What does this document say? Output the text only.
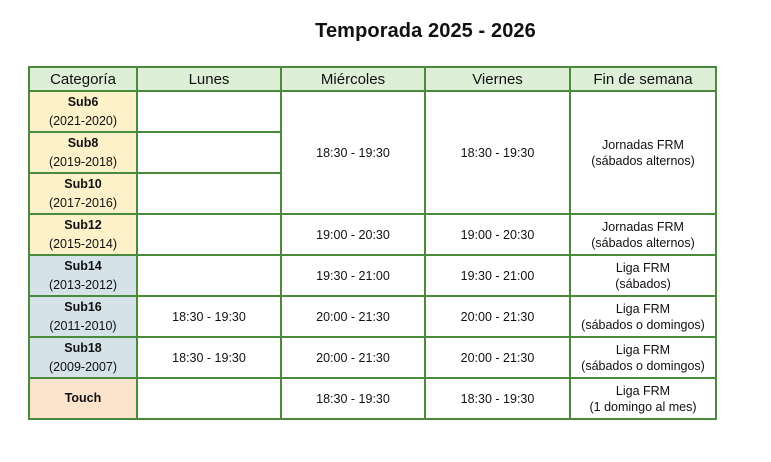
Temporada 2025 - 2026
Categoría	Lunes	Miércoles	Viernes	Fin de semana

Sub6
(2021-2020)		18:30 - 19:30	18:30 - 19:30	Jornadas FRM
(sábados alternos)

Sub8
(2019-2018)				

Sub10
(2017-2016)				

Sub12
(2015-2014)		19:00 - 20:30	19:00 - 20:30	Jornadas FRM
(sábados alternos)

Sub14
(2013-2012)		19:30 - 21:00	19:30 - 21:00	Liga FRM
(sábados)

Sub16
(2011-2010)	18:30 - 19:30	20:00 - 21:30	20:00 - 21:30	Liga FRM
(sábados o domingos)

Sub18
(2009-2007)	18:30 - 19:30	20:00 - 21:30	20:00 - 21:30	Liga FRM
(sábados o domingos)

Touch		18:30 - 19:30	18:30 - 19:30	Liga FRM
(1 domingo al mes)
